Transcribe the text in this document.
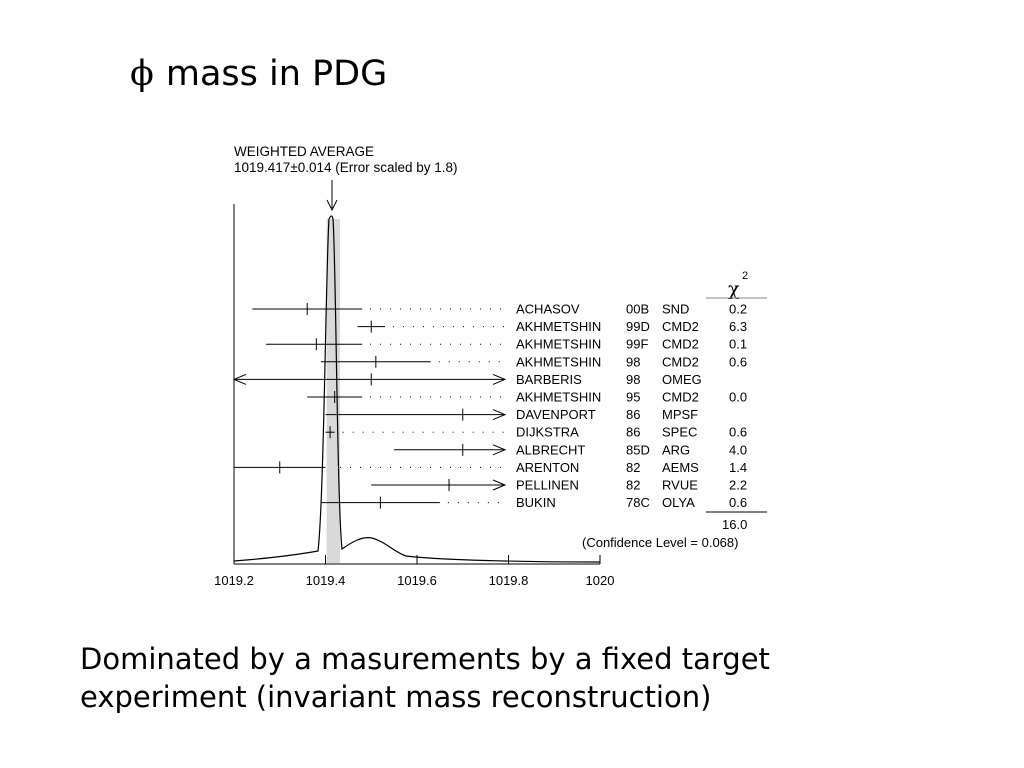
ϕ mass in PDG
WEIGHTED AVERAGE
1019.417±0.014 (Error scaled by 1.8)
1019.2	1019.4	1019.6	1019.8	1020
ACHASOV	00B SND	0.2
AKHMETSHIN 99D CMD2 6.3
AKHMETSHIN 99F CMD2 0.1
AKHMETSHIN 98 CMD2 0.6
BARBERIS	98 OMEG
AKHMETSHIN 95 CMD2 0.0
DAVENPORT 86 MPSF
DIJKSTRA	86 SPEC 0.6
ALBRECHT	85D ARG	4.0
ARENTON	82 AEMS 1.4
PELLINEN	82 RVUE 2.2
BUKIN	78C OLYA	0.6
χ
2
16.0
(Confidence Level = 0.068)
Dominated by a masurements by a fixed target
experiment (invariant mass reconstruction)
